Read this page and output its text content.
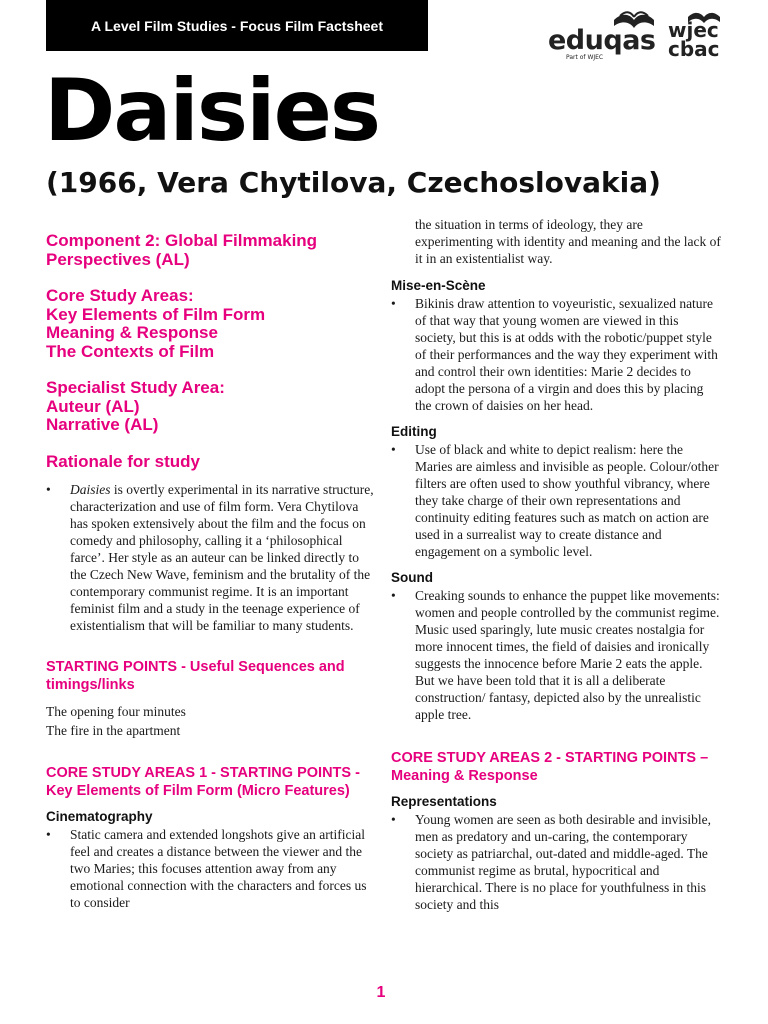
A Level Film Studies - Focus Film Factsheet	eduqas
Part of WJEC
wjec
cbac
Daisies
(1966, Vera Chytilova, Czechoslovakia)

Component 2: Global Filmmaking Perspectives (AL)

Core Study Areas:

Key Elements of Film Form

Meaning & Response

The Contexts of Film

Specialist Study Area:

Auteur (AL)

Narrative (AL)

Rationale for study

•	Daisies is overtly experimental in its narrative structure, characterization and use of film form. Vera Chytilova has spoken extensively about the film and the focus on comedy and philosophy, calling it a ‘philosophical farce’. Her style as an auteur can be linked directly to the Czech New Wave, feminism and the brutality of the contemporary communist regime. It is an important feminist film and a study in the teenage experience of existentialism that will be familiar to many students.

STARTING POINTS - Useful Sequences and timings/links

The opening four minutes

The fire in the apartment

CORE STUDY AREAS 1 - STARTING POINTS - Key Elements of Film Form (Micro Features)

Cinematography

•	Static camera and extended longshots give an artificial feel and creates a distance between the viewer and the two Maries; this focuses attention away from any emotional connection with the characters and forces us to consider

the situation in terms of ideology, they are experimenting with identity and meaning and the lack of it in an existentialist way.

Mise-en-Scène

•	Bikinis draw attention to voyeuristic, sexualized nature of that way that young women are viewed in this society, but this is at odds with the robotic/puppet style of their performances and the way they experiment with and control their own identities: Marie 2 decides to adopt the persona of a virgin and does this by placing the crown of daisies on her head.

Editing

•	Use of black and white to depict realism: here the Maries are aimless and invisible as people. Colour/other filters are often used to show youthful vibrancy, where they take charge of their own representations and continuity editing features such as match on action are used in a surrealist way to create distance and engagement on a symbolic level.

Sound

•	Creaking sounds to enhance the puppet like movements: women and people controlled by the communist regime. Music used sparingly, lute music creates nostalgia for more innocent times, the field of daisies and ironically suggests the innocence before Marie 2 eats the apple. But we have been told that it is all a deliberate construction/ fantasy, depicted also by the unrealistic apple tree.

CORE STUDY AREAS 2 - STARTING POINTS – Meaning & Response

Representations

•	Young women are seen as both desirable and invisible, men as predatory and un-caring, the contemporary society as patriarchal, out-dated and middle-aged. The communist regime as brutal, hypocritical and hierarchical. There is no place for youthfulness in this society and this
1
